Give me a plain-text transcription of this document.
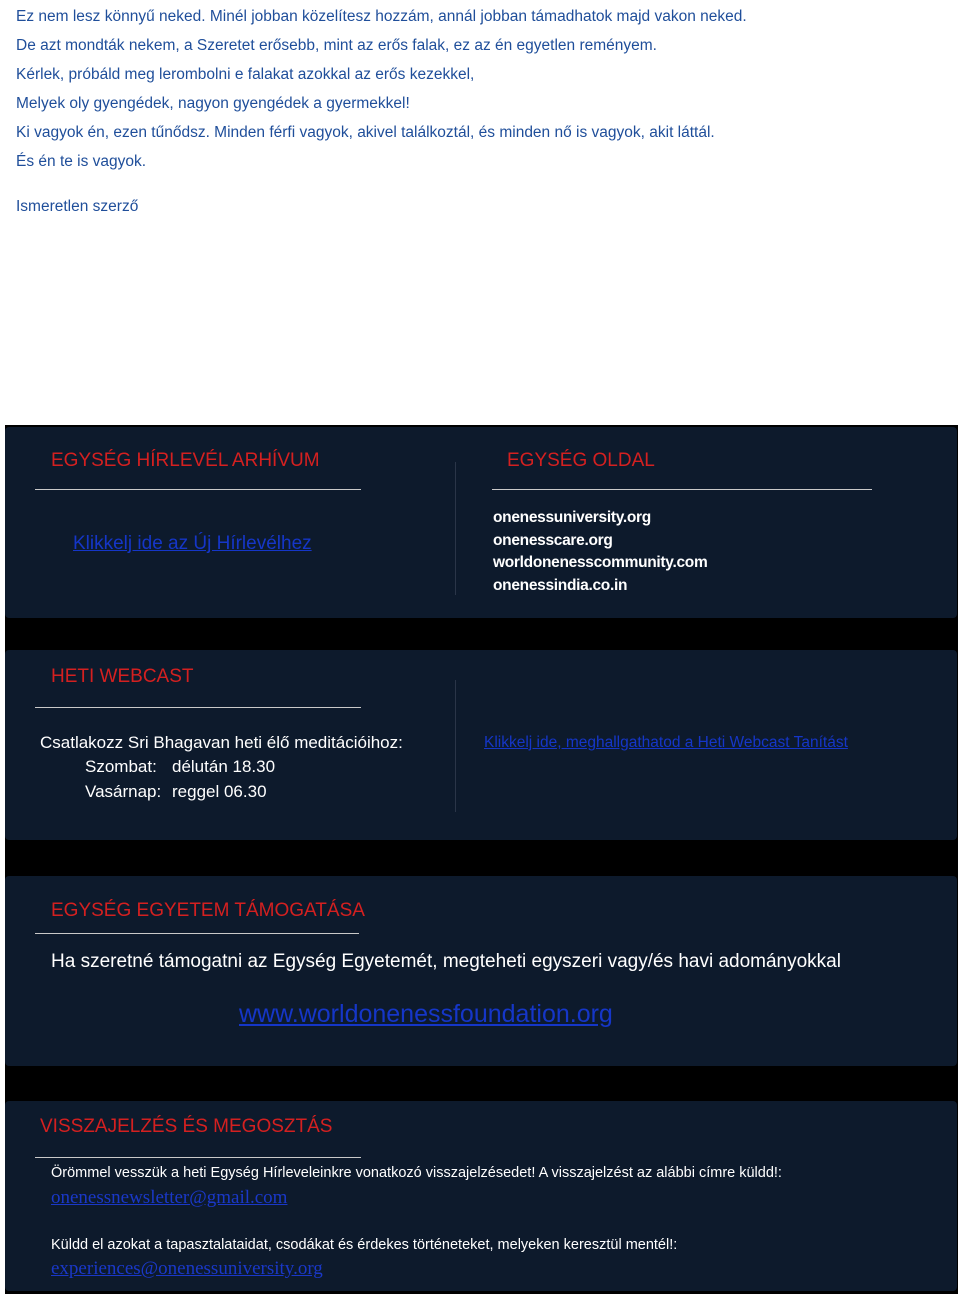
Ez nem lesz könnyű neked. Minél jobban közelítesz hozzám, annál jobban támadhatok majd vakon neked.
De azt mondták nekem, a Szeretet erősebb, mint az erős falak, ez az én egyetlen reményem.
Kérlek, próbáld meg lerombolni e falakat azokkal az erős kezekkel,
Melyek oly gyengédek, nagyon gyengédek a gyermekkel!
Ki vagyok én, ezen tűnődsz. Minden férfi vagyok, akivel találkoztál, és minden nő is vagyok, akit láttál.
És én te is vagyok.
Ismeretlen szerző
EGYSÉG HÍRLEVÉL ARHÍVUM
Klikkelj ide az Új Hírlevélhez
EGYSÉG OLDAL
onenessuniversity.org
onenesscare.org
worldonenesscommunity.com
onenessindia.co.in
HETI WEBCAST
Csatlakozz Sri Bhagavan heti élő meditációihoz:
Szombat: délután 18.30
Vasárnap: reggel 06.30
Klikkelj ide, meghallgathatod a Heti Webcast Tanítást
EGYSÉG EGYETEM TÁMOGATÁSA
Ha szeretné támogatni az Egység Egyetemét, megteheti egyszeri vagy/és havi adományokkal
www.worldonenessfoundation.org
VISSZAJELZÉS ÉS MEGOSZTÁS
Örömmel vesszük a heti Egység Hírleveleinkre vonatkozó visszajelzésedet! A visszajelzést az alábbi címre küldd!:
onenessnewsletter@gmail.com
Küldd el azokat a tapasztalataidat, csodákat és érdekes történeteket, melyeken keresztül mentél!:
experiences@onenessuniversity.org
